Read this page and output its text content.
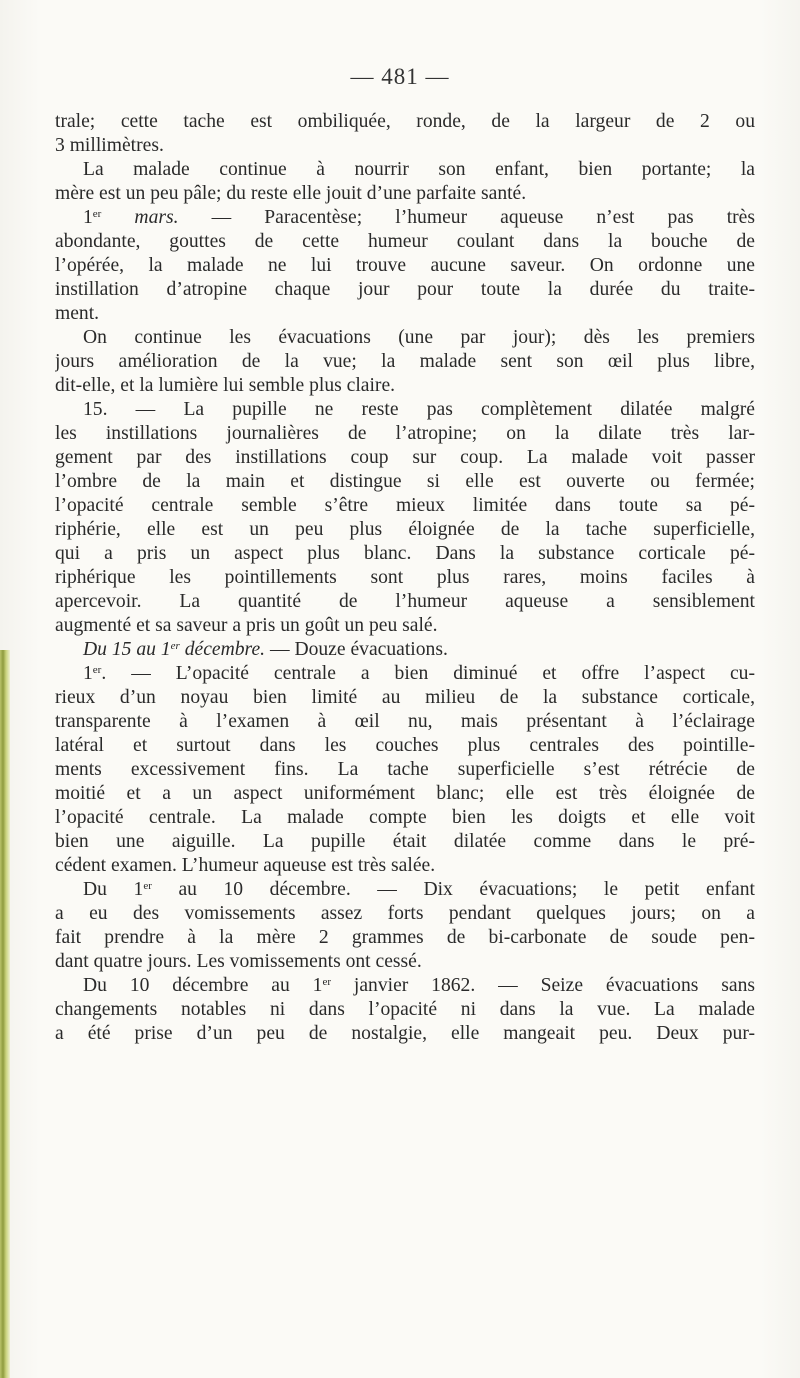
— 481 —
trale; cette tache est ombiliquée, ronde, de la largeur de 2 ou
3 millimètres.
La malade continue à nourrir son enfant, bien portante; la
mère est un peu pâle; du reste elle jouit d’une parfaite santé.
1er mars. — Paracentèse; l’humeur aqueuse n’est pas très
abondante, gouttes de cette humeur coulant dans la bouche de
l’opérée, la malade ne lui trouve aucune saveur. On ordonne une
instillation d’atropine chaque jour pour toute la durée du traite-
ment.
On continue les évacuations (une par jour); dès les premiers
jours amélioration de la vue; la malade sent son œil plus libre,
dit-elle, et la lumière lui semble plus claire.
15. — La pupille ne reste pas complètement dilatée malgré
les instillations journalières de l’atropine; on la dilate très lar-
gement par des instillations coup sur coup. La malade voit passer
l’ombre de la main et distingue si elle est ouverte ou fermée;
l’opacité centrale semble s’être mieux limitée dans toute sa pé-
riphérie, elle est un peu plus éloignée de la tache superficielle,
qui a pris un aspect plus blanc. Dans la substance corticale pé-
riphérique les pointillements sont plus rares, moins faciles à
apercevoir. La quantité de l’humeur aqueuse a sensiblement
augmenté et sa saveur a pris un goût un peu salé.
Du 15 au 1er décembre. — Douze évacuations.
1er. — L’opacité centrale a bien diminué et offre l’aspect cu-
rieux d’un noyau bien limité au milieu de la substance corticale,
transparente à l’examen à œil nu, mais présentant à l’éclairage
latéral et surtout dans les couches plus centrales des pointille-
ments excessivement fins. La tache superficielle s’est rétrécie de
moitié et a un aspect uniformément blanc; elle est très éloignée de
l’opacité centrale. La malade compte bien les doigts et elle voit
bien une aiguille. La pupille était dilatée comme dans le pré-
cédent examen. L’humeur aqueuse est très salée.
Du 1er au 10 décembre. — Dix évacuations; le petit enfant
a eu des vomissements assez forts pendant quelques jours; on a
fait prendre à la mère 2 grammes de bi-carbonate de soude pen-
dant quatre jours. Les vomissements ont cessé.
Du 10 décembre au 1er janvier 1862. — Seize évacuations sans
changements notables ni dans l’opacité ni dans la vue. La malade
a été prise d’un peu de nostalgie, elle mangeait peu. Deux pur-
